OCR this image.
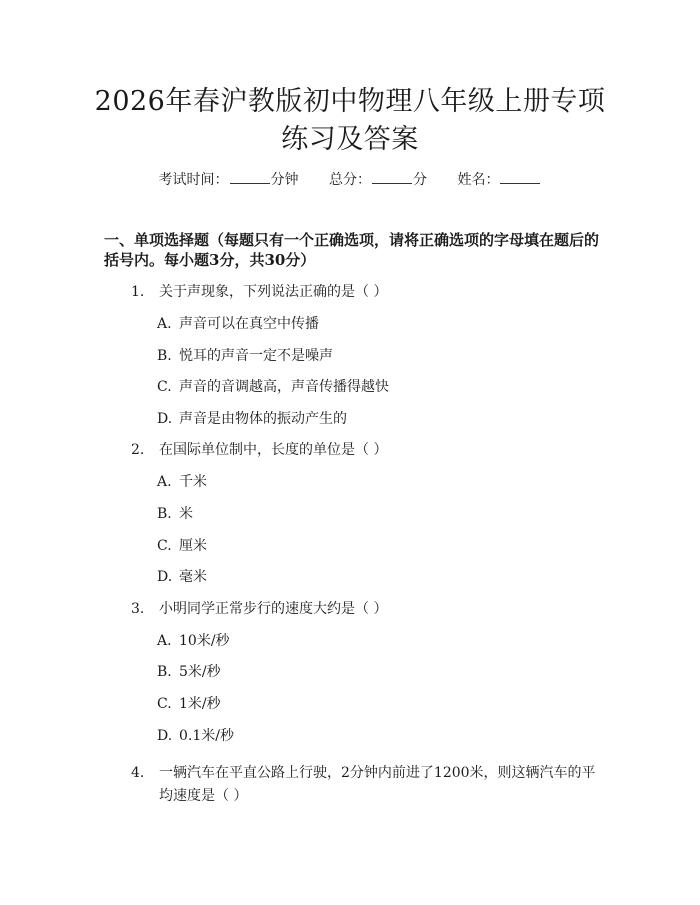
2026年春沪教版初中物理八年级上册专项练习及答案
考试时间：	分钟 总分：	分 姓名：
一、单项选择题（每题只有一个正确选项，请将正确选项的字母填在题后的括号内。每小题3分，共30分）
1. 关于声现象，下列说法正确的是（ ）
A. 声音可以在真空中传播
B. 悦耳的声音一定不是噪声
C. 声音的音调越高，声音传播得越快
D. 声音是由物体的振动产生的
2. 在国际单位制中，长度的单位是（ ）
A. 千米
B. 米
C. 厘米
D. 毫米
3. 小明同学正常步行的速度大约是（ ）
A. 10米/秒
B. 5米/秒
C. 1米/秒
D. 0.1米/秒
4. 一辆汽车在平直公路上行驶，2分钟内前进了1200米，则这辆汽车的平
均速度是（ ）
